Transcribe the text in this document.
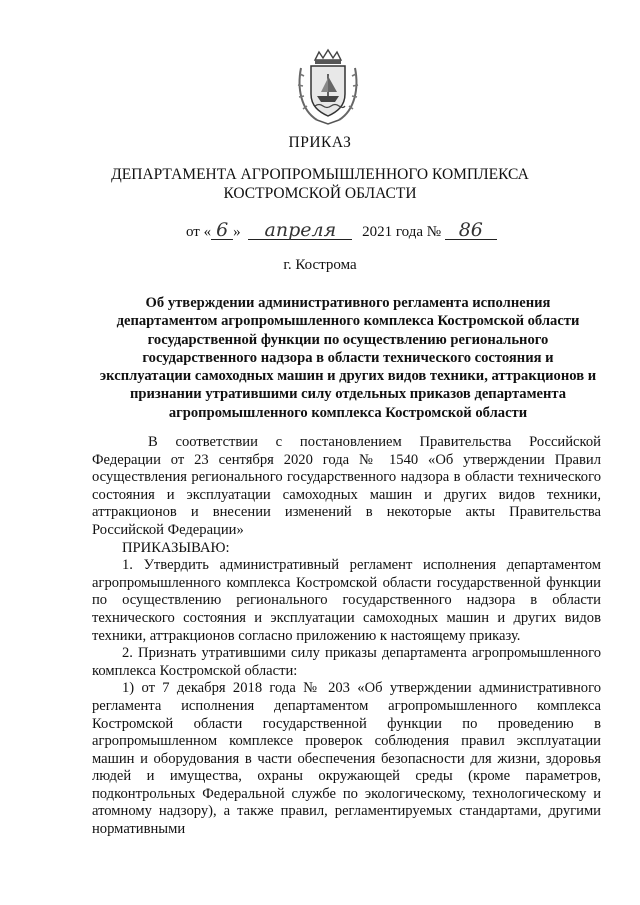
ПРИКАЗ
ДЕПАРТАМЕНТА АГРОПРОМЫШЛЕННОГО КОМПЛЕКСА
КОСТРОМСКОЙ ОБЛАСТИ
от « 6 » апреля 2021 года № 86
г. Кострома
Об утверждении административного регламента исполнения департаментом агропромышленного комплекса Костромской области государственной функции по осуществлению регионального государственного надзора в области технического состояния и эксплуатации самоходных машин и других видов техники, аттракционов и признании утратившими силу отдельных приказов департамента агропромышленного комплекса Костромской области

В соответствии с постановлением Правительства Российской Федерации от 23 сентября 2020 года № 1540 «Об утверждении Правил осуществления регионального государственного надзора в области технического состояния и эксплуатации самоходных машин и других видов техники, аттракционов и внесении изменений в некоторые акты Правительства Российской Федерации»

ПРИКАЗЫВАЮ:

1. Утвердить административный регламент исполнения департаментом агропромышленного комплекса Костромской области государственной функции по осуществлению регионального государственного надзора в области технического состояния и эксплуатации самоходных машин и других видов техники, аттракционов согласно приложению к настоящему приказу.

2. Признать утратившими силу приказы департамента агропромышленного комплекса Костромской области:

1) от 7 декабря 2018 года № 203 «Об утверждении административного регламента исполнения департаментом агропромышленного комплекса Костромской области государственной функции по проведению в агропромышленном комплексе проверок соблюдения правил эксплуатации машин и оборудования в части обеспечения безопасности для жизни, здоровья людей и имущества, охраны окружающей среды (кроме параметров, подконтрольных Федеральной службе по экологическому, технологическому и атомному надзору), а также правил, регламентируемых стандартами, другими нормативными
